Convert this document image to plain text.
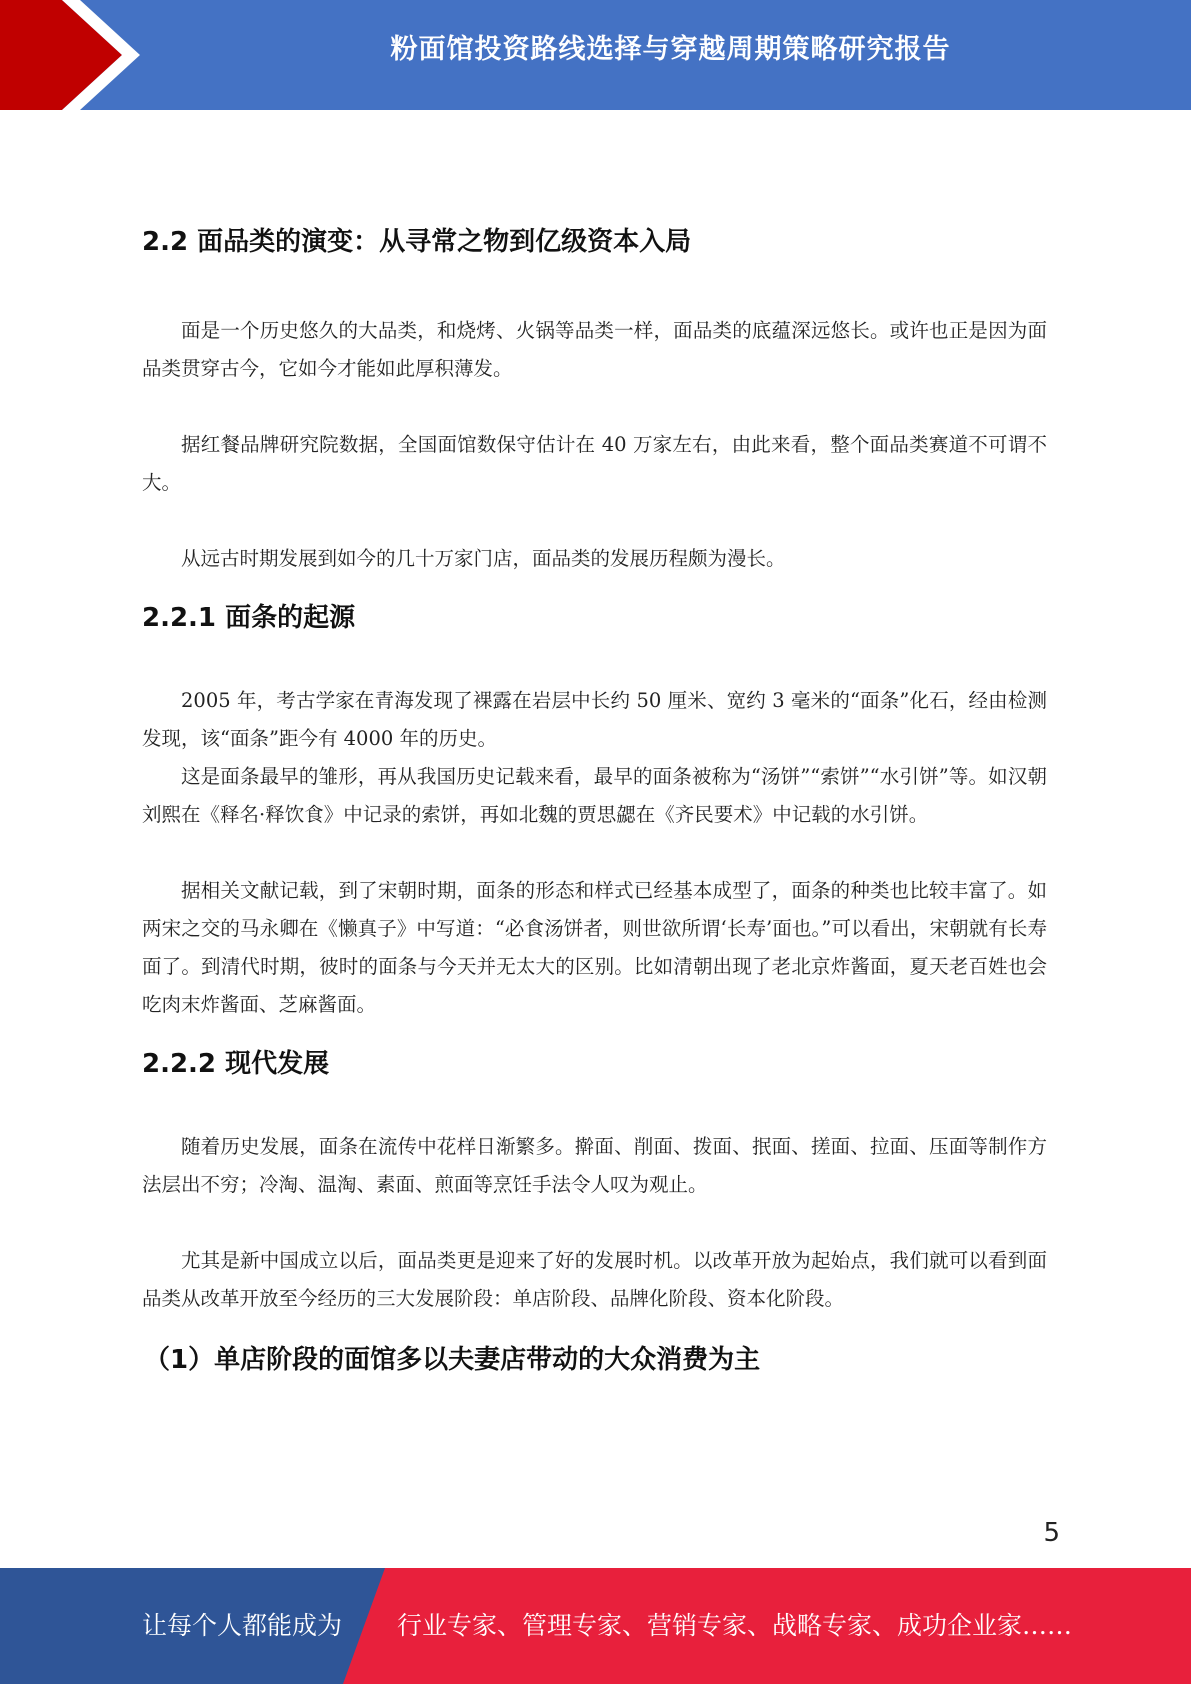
粉面馆投资路线选择与穿越周期策略研究报告
2.2 面品类的演变：从寻常之物到亿级资本入局

面是一个历史悠久的大品类，和烧烤、火锅等品类一样，面品类的底蕴深远悠长。或许也正是因为面品类贯穿古今，它如今才能如此厚积薄发。

据红餐品牌研究院数据，全国面馆数保守估计在 40 万家左右，由此来看，整个面品类赛道不可谓不大。

从远古时期发展到如今的几十万家门店，面品类的发展历程颇为漫长。

2.2.1 面条的起源

2005 年，考古学家在青海发现了裸露在岩层中长约 50 厘米、宽约 3 毫米的“面条”化石，经由检测发现，该“面条”距今有 4000 年的历史。

这是面条最早的雏形，再从我国历史记载来看，最早的面条被称为“汤饼”“索饼”“水引饼”等。如汉朝刘熙在《释名·释饮食》中记录的索饼，再如北魏的贾思勰在《齐民要术》中记载的水引饼。

据相关文献记载，到了宋朝时期，面条的形态和样式已经基本成型了，面条的种类也比较丰富了。如两宋之交的马永卿在《懒真子》中写道：“必食汤饼者，则世欲所谓‘长寿’面也。”可以看出，宋朝就有长寿面了。到清代时期，彼时的面条与今天并无太大的区别。比如清朝出现了老北京炸酱面，夏天老百姓也会吃肉末炸酱面、芝麻酱面。

2.2.2 现代发展

随着历史发展，面条在流传中花样日渐繁多。擀面、削面、拨面、抿面、搓面、拉面、压面等制作方法层出不穷；冷淘、温淘、素面、煎面等烹饪手法令人叹为观止。

尤其是新中国成立以后，面品类更是迎来了好的发展时机。以改革开放为起始点，我们就可以看到面品类从改革开放至今经历的三大发展阶段：单店阶段、品牌化阶段、资本化阶段。

（1）单店阶段的面馆多以夫妻店带动的大众消费为主
5
让每个人都能成为 行业专家、管理专家、营销专家、战略专家、成功企业家……
